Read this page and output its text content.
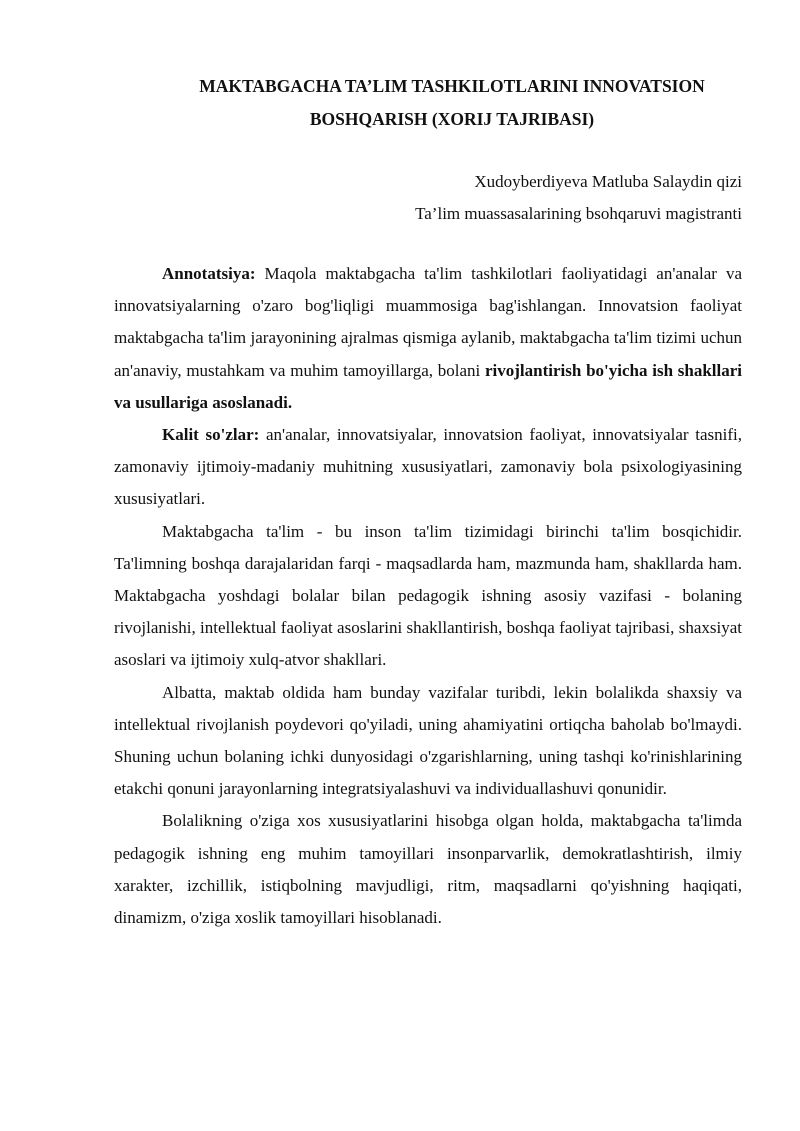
MAKTABGACHA TA’LIM TASHKILOTLARINI INNOVATSION
BOSHQARISH (XORIJ TAJRIBASI)
Xudoyberdiyeva Matluba Salaydin qizi
Ta’lim muassasalarining bsohqaruvi magistranti

Annotatsiya: Maqola maktabgacha ta'lim tashkilotlari faoliyatidagi an'analar va innovatsiyalarning o'zaro bog'liqligi muammosiga bag'ishlangan. Innovatsion faoliyat maktabgacha ta'lim jarayonining ajralmas qismiga aylanib, maktabgacha ta'lim tizimi uchun an'anaviy, mustahkam va muhim tamoyillarga, bolani rivojlantirish bo'yicha ish shakllari va usullariga asoslanadi.

Kalit so'zlar: an'analar, innovatsiyalar, innovatsion faoliyat, innovatsiyalar tasnifi, zamonaviy ijtimoiy-madaniy muhitning xususiyatlari, zamonaviy bola psixologiyasining xususiyatlari.

Maktabgacha ta'lim - bu inson ta'lim tizimidagi birinchi ta'lim bosqichidir. Ta'limning boshqa darajalaridan farqi - maqsadlarda ham, mazmunda ham, shakllarda ham. Maktabgacha yoshdagi bolalar bilan pedagogik ishning asosiy vazifasi - bolaning rivojlanishi, intellektual faoliyat asoslarini shakllantirish, boshqa faoliyat tajribasi, shaxsiyat asoslari va ijtimoiy xulq-atvor shakllari.

Albatta, maktab oldida ham bunday vazifalar turibdi, lekin bolalikda shaxsiy va intellektual rivojlanish poydevori qo'yiladi, uning ahamiyatini ortiqcha baholab bo'lmaydi. Shuning uchun bolaning ichki dunyosidagi o'zgarishlarning, uning tashqi ko'rinishlarining etakchi qonuni jarayonlarning integratsiyalashuvi va individuallashuvi qonunidir.

Bolalikning o'ziga xos xususiyatlarini hisobga olgan holda, maktabgacha ta'limda pedagogik ishning eng muhim tamoyillari insonparvarlik, demokratlashtirish, ilmiy xarakter, izchillik, istiqbolning mavjudligi, ritm, maqsadlarni qo'yishning haqiqati, dinamizm, o'ziga xoslik tamoyillari hisoblanadi.
